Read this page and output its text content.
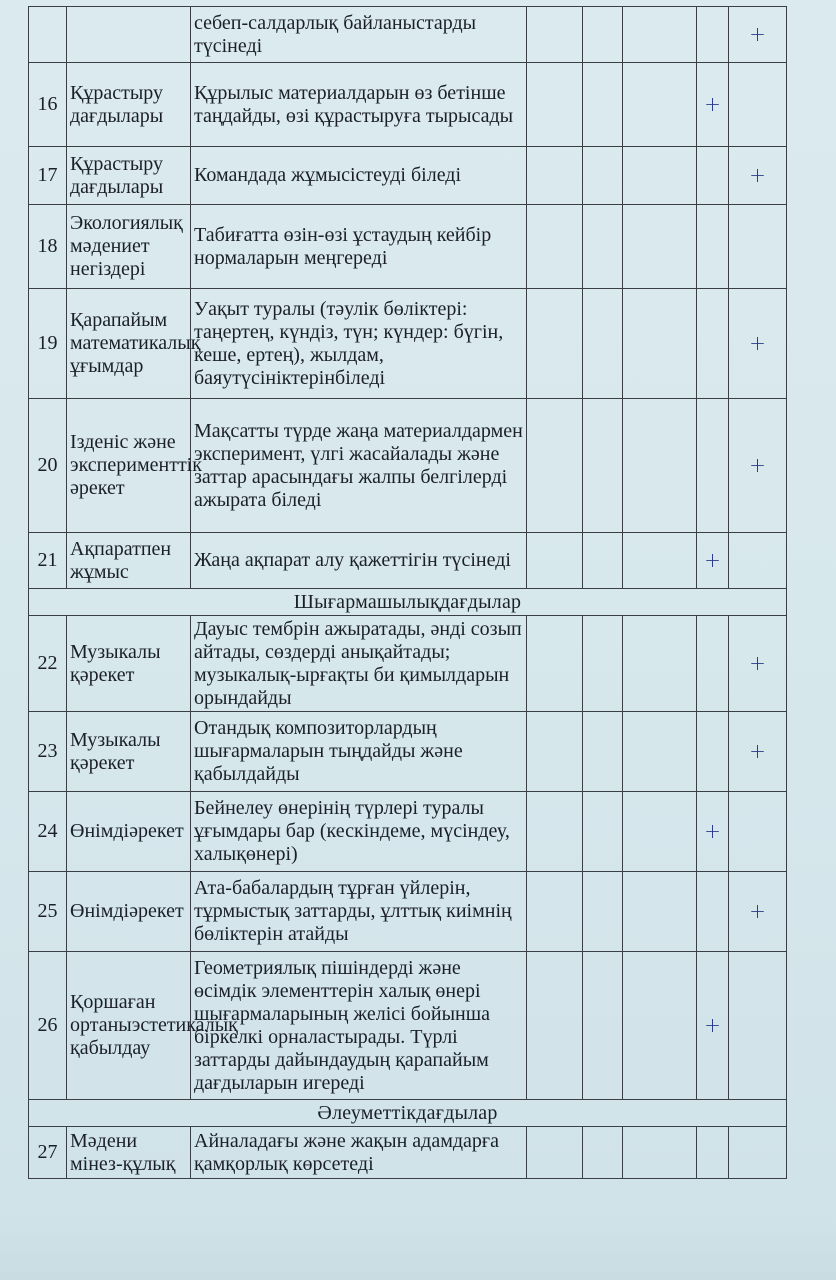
		себеп-салдарлық байланыстарды түсінеді					+
16	Құрастыру дағдылары	Құрылыс материалдарын өз бетінше таңдайды, өзі құрастыруға тырысады				+	
17	Құрастыру дағдылары	Командада жұмысістеуді біледі					+
18	Экологиялық мәдениет негіздері	Табиғатта өзін-өзі ұстаудың кейбір нормаларын меңгереді					
19	Қарапайым математикалық ұғымдар	Уақыт туралы (тәулік бөліктері: таңертең, күндіз, түн; күндер: бүгін, кеше, ертең), жылдам, баяутүсініктерінбіледі					+
20	Ізденіс және эксперименттік әрекет	Мақсатты түрде жаңа материалдармен эксперимент, үлгі жасайалады және заттар арасындағы жалпы белгілерді ажырата біледі					+
21	Ақпаратпен жұмыс	Жаңа ақпарат алу қажеттігін түсінеді				+	
Шығармашылықдағдылар							
22	Музыкалы қәрекет	Дауыс тембрін ажыратады, әнді созып айтады, сөздерді анықайтады; музыкалық-ырғақты би қимылдарын орындайды					+
23	Музыкалы қәрекет	Отандық композиторлардың шығармаларын тыңдайды және қабылдайды					+
24	Өнімдіәрекет	Бейнелеу өнерінің түрлері туралы ұғымдары бар (кескіндеме, мүсіндеу, халықөнері)				+	
25	Өнімдіәрекет	Ата-бабалардың тұрған үйлерін, тұрмыстық заттарды, ұлттық киімнің бөліктерін атайды					+
26	Қоршаған ортаныэстетикалық қабылдау	Геометриялық пішіндерді және өсімдік элементтерін халық өнері шығармаларының желісі бойынша біркелкі орналастырады. Түрлі заттарды дайындаудың қарапайым дағдыларын игереді				+	
Әлеуметтікдағдылар							
27	Мәдени мінез-құлық	Айналадағы және жақын адамдарға қамқорлық көрсетеді					
